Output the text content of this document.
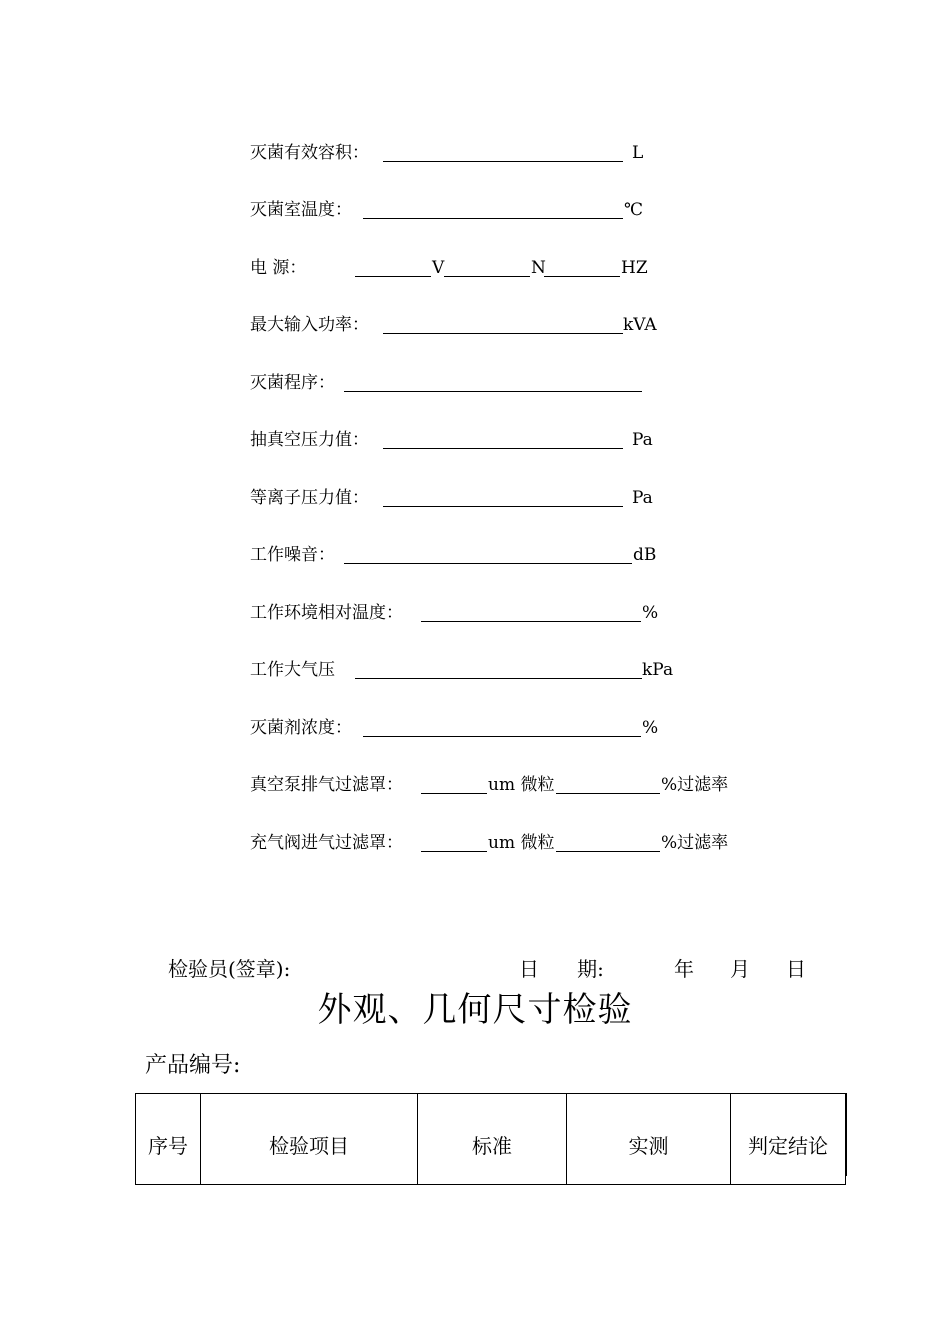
灭菌有效容积：	L
灭菌室温度：	℃
电 源：	V	N	HZ
最大输入功率：	kVA
灭菌程序：
抽真空压力值：	Pa
等离子压力值：	Pa
工作噪音：	dB
工作环境相对温度：	%
工作大气压	kPa
灭菌剂浓度：	%
真空泵排气过滤罩：	um 微粒	%过滤率
充气阀进气过滤罩：	um 微粒	%过滤率
检验员(签章):	日      期:	年 月 日
外观、几何尺寸检验
产品编号:
序号	检验项目	标准	实测	判定结论
